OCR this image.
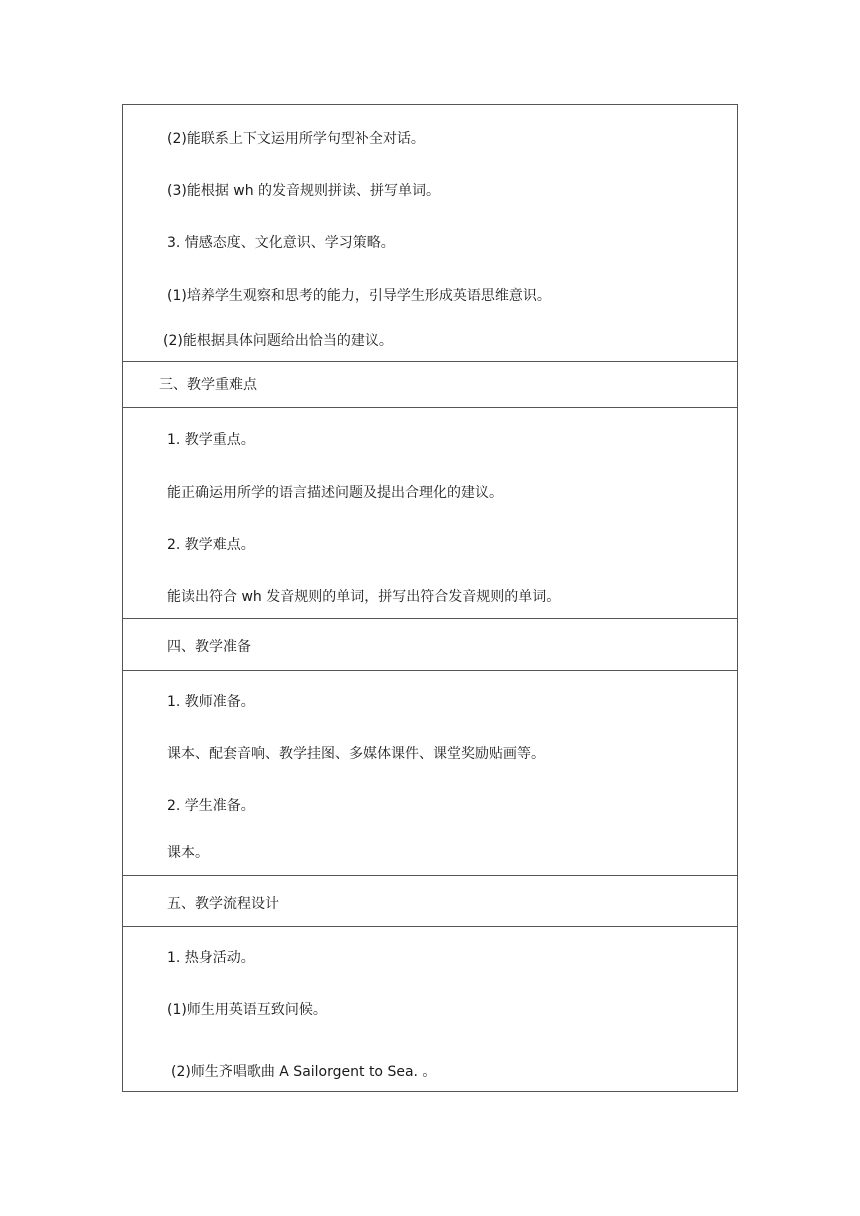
(2)能联系上下文运用所学句型补全对话。
(3)能根据 wh 的发音规则拼读、拼写单词。
3. 情感态度、文化意识、学习策略。
(1)培养学生观察和思考的能力，引导学生形成英语思维意识。
(2)能根据具体问题给出恰当的建议。
三、教学重难点
1. 教学重点。
能正确运用所学的语言描述问题及提出合理化的建议。
2. 教学难点。
能读出符合 wh 发音规则的单词，拼写出符合发音规则的单词。
四、教学准备
1. 教师准备。
课本、配套音响、教学挂图、多媒体课件、课堂奖励贴画等。
2. 学生准备。
课本。
五、教学流程设计
1. 热身活动。
(1)师生用英语互致问候。
(2)师生齐唱歌曲 A Sailorgent to Sea. 。
